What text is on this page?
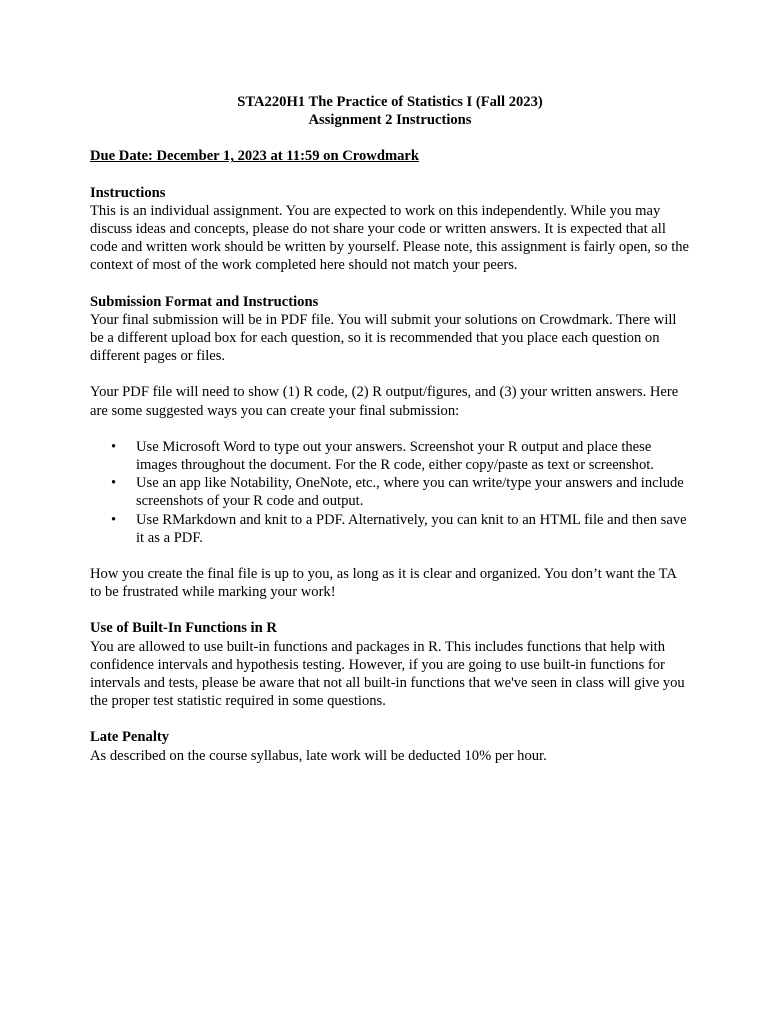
STA220H1 The Practice of Statistics I (Fall 2023)

Assignment 2 Instructions

Due Date: December 1, 2023 at 11:59 on Crowdmark

Instructions

This is an individual assignment. You are expected to work on this independently. While you may discuss ideas and concepts, please do not share your code or written answers. It is expected that all code and written work should be written by yourself. Please note, this assignment is fairly open, so the context of most of the work completed here should not match your peers.

Submission Format and Instructions

Your final submission will be in PDF file. You will submit your solutions on Crowdmark. There will be a different upload box for each question, so it is recommended that you place each question on different pages or files.

Your PDF file will need to show (1) R code, (2) R output/figures, and (3) your written answers. Here are some suggested ways you can create your final submission:

• Use Microsoft Word to type out your answers. Screenshot your R output and place these images throughout the document. For the R code, either copy/paste as text or screenshot.
• Use an app like Notability, OneNote, etc., where you can write/type your answers and include screenshots of your R code and output.
• Use RMarkdown and knit to a PDF. Alternatively, you can knit to an HTML file and then save it as a PDF.

How you create the final file is up to you, as long as it is clear and organized. You don’t want the TA to be frustrated while marking your work!

Use of Built-In Functions in R

You are allowed to use built-in functions and packages in R. This includes functions that help with confidence intervals and hypothesis testing. However, if you are going to use built-in functions for intervals and tests, please be aware that not all built-in functions that we've seen in class will give you the proper test statistic required in some questions.

Late Penalty

As described on the course syllabus, late work will be deducted 10% per hour.
